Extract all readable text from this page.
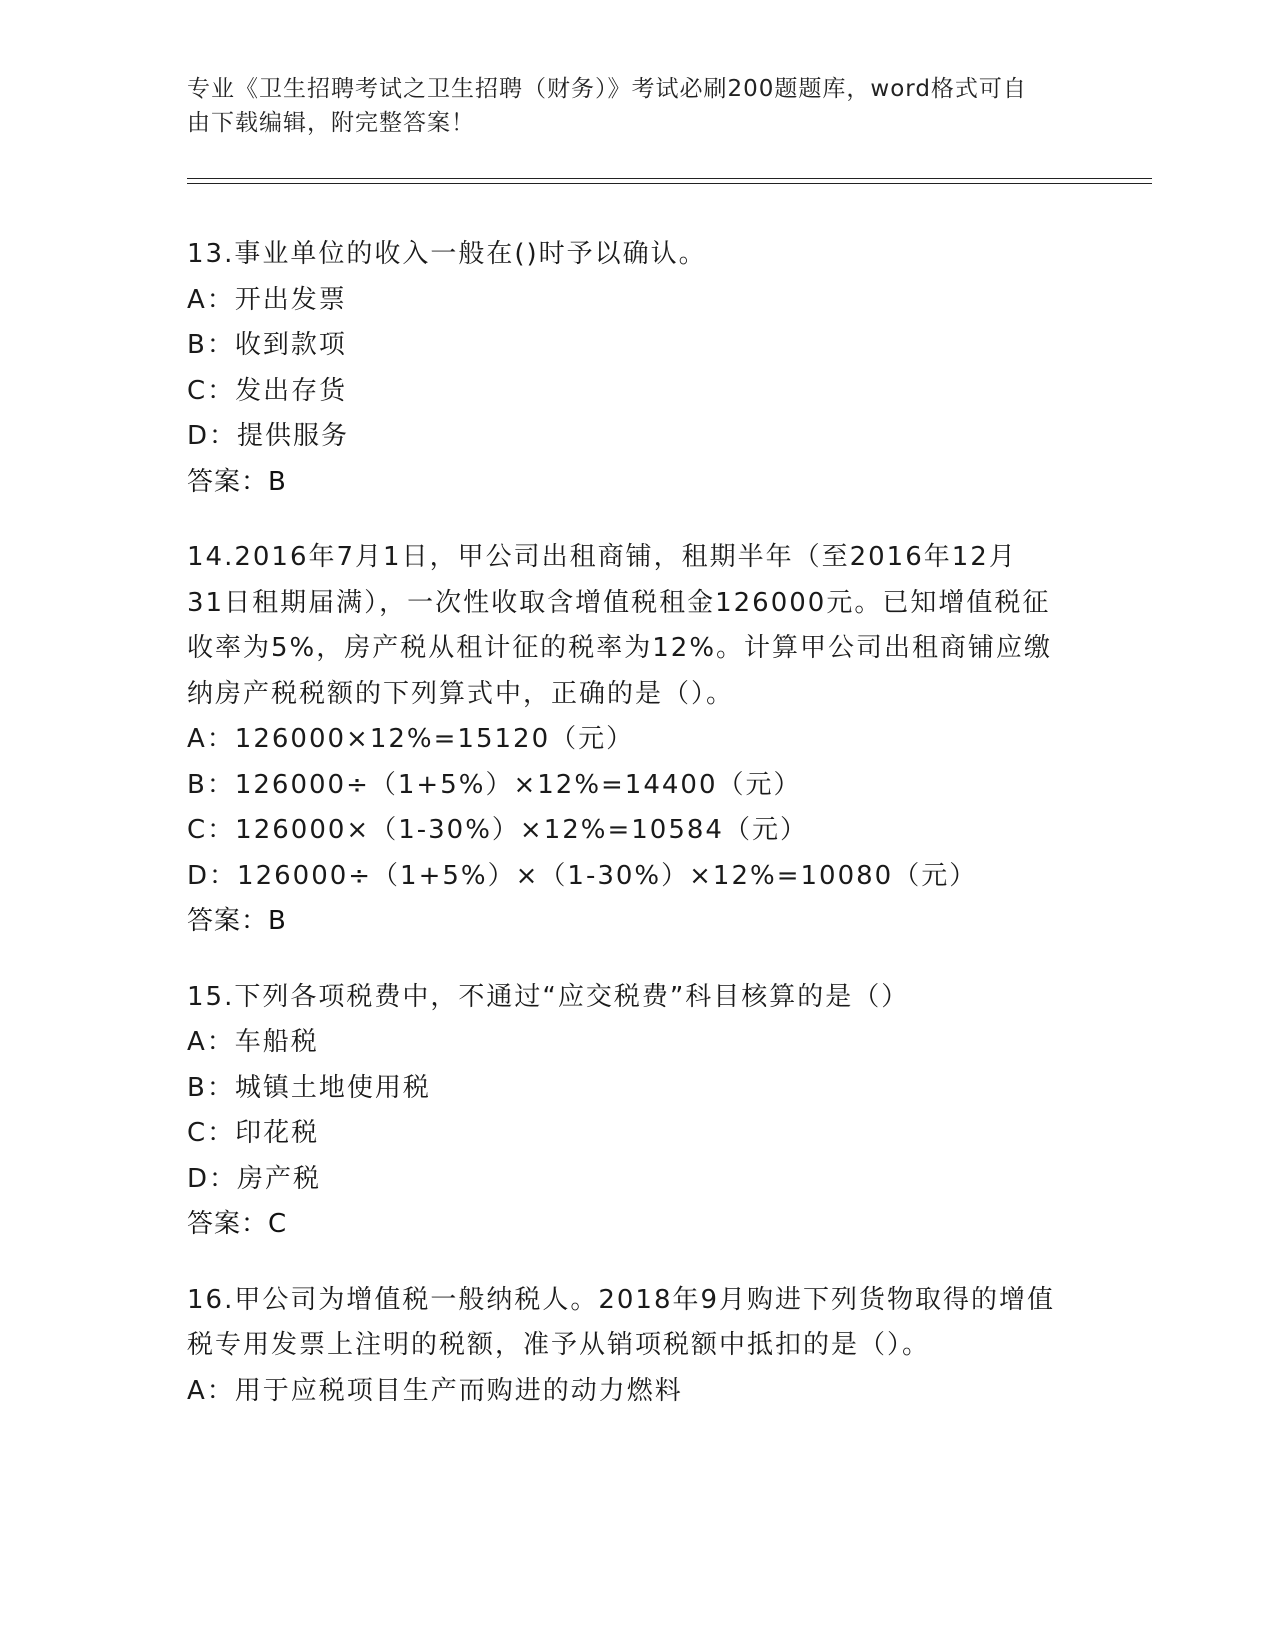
专业《卫生招聘考试之卫生招聘（财务）》考试必刷200题题库，word格式可自
由下载编辑，附完整答案！
13.事业单位的收入一般在()时予以确认。
A：开出发票
B：收到款项
C：发出存货
D：提供服务
答案：B
14.2016年7月1日，甲公司出租商铺，租期半年（至2016年12月
31日租期届满），一次性收取含增值税租金126000元。已知增值税征
收率为5%，房产税从租计征的税率为12%。计算甲公司出租商铺应缴
纳房产税税额的下列算式中，正确的是（）。
A：126000×12%=15120（元）
B：126000÷（1+5%）×12%=14400（元）
C：126000×（1-30%）×12%=10584（元）
D：126000÷（1+5%）×（1-30%）×12%=10080（元）
答案：B
15.下列各项税费中，不通过“应交税费”科目核算的是（）
A：车船税
B：城镇土地使用税
C：印花税
D：房产税
答案：C
16.甲公司为增值税一般纳税人。2018年9月购进下列货物取得的增值
税专用发票上注明的税额，准予从销项税额中抵扣的是（）。
A：用于应税项目生产而购进的动力燃料
